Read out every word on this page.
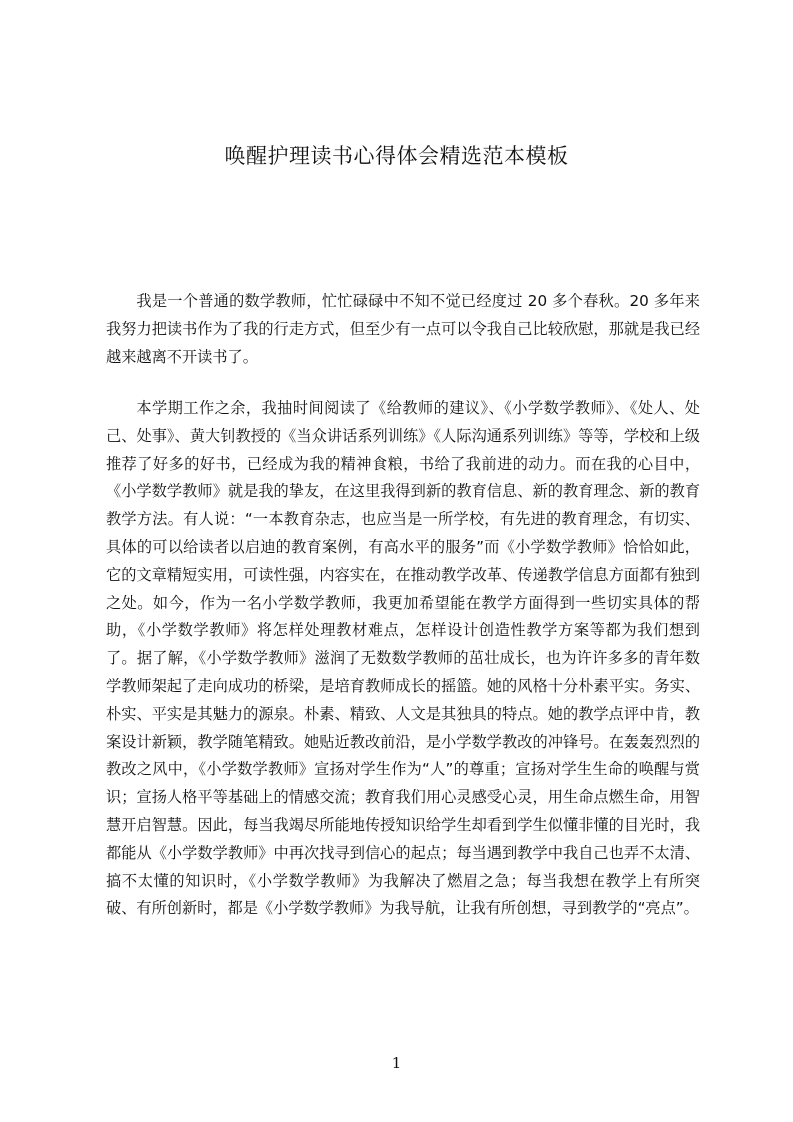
唤醒护理读书心得体会精选范本模板

我是一个普通的数学教师，忙忙碌碌中不知不觉已经度过 20 多个春秋。20 多年来我努力把读书作为了我的行走方式，但至少有一点可以令我自己比较欣慰，那就是我已经越来越离不开读书了。

本学期工作之余，我抽时间阅读了《给教师的建议》、《小学数学教师》、《处人、处己、处事》、黄大钊教授的《当众讲话系列训练》《人际沟通系列训练》等等，学校和上级推荐了好多的好书，已经成为我的精神食粮，书给了我前进的动力。而在我的心目中，《小学数学教师》就是我的挚友，在这里我得到新的教育信息、新的教育理念、新的教育教学方法。有人说：“一本教育杂志，也应当是一所学校，有先进的教育理念，有切实、具体的可以给读者以启迪的教育案例，有高水平的服务”而《小学数学教师》恰恰如此，它的文章精短实用，可读性强，内容实在，在推动教学改革、传递教学信息方面都有独到之处。如今，作为一名小学数学教师，我更加希望能在教学方面得到一些切实具体的帮助，《小学数学教师》将怎样处理教材难点，怎样设计创造性教学方案等都为我们想到了。据了解，《小学数学教师》滋润了无数数学教师的茁壮成长，也为许许多多的青年数学教师架起了走向成功的桥梁，是培育教师成长的摇篮。她的风格十分朴素平实。务实、朴实、平实是其魅力的源泉。朴素、精致、人文是其独具的特点。她的教学点评中肯，教案设计新颖，教学随笔精致。她贴近教改前沿，是小学数学教改的冲锋号。在轰轰烈烈的教改之风中，《小学数学教师》宣扬对学生作为“人”的尊重；宣扬对学生生命的唤醒与赏识；宣扬人格平等基础上的情感交流；教育我们用心灵感受心灵，用生命点燃生命，用智慧开启智慧。因此，每当我竭尽所能地传授知识给学生却看到学生似懂非懂的目光时，我都能从《小学数学教师》中再次找寻到信心的起点；每当遇到教学中我自己也弄不太清、搞不太懂的知识时，《小学数学教师》为我解决了燃眉之急；每当我想在教学上有所突破、有所创新时，都是《小学数学教师》为我导航，让我有所创想，寻到教学的“亮点”。

1
